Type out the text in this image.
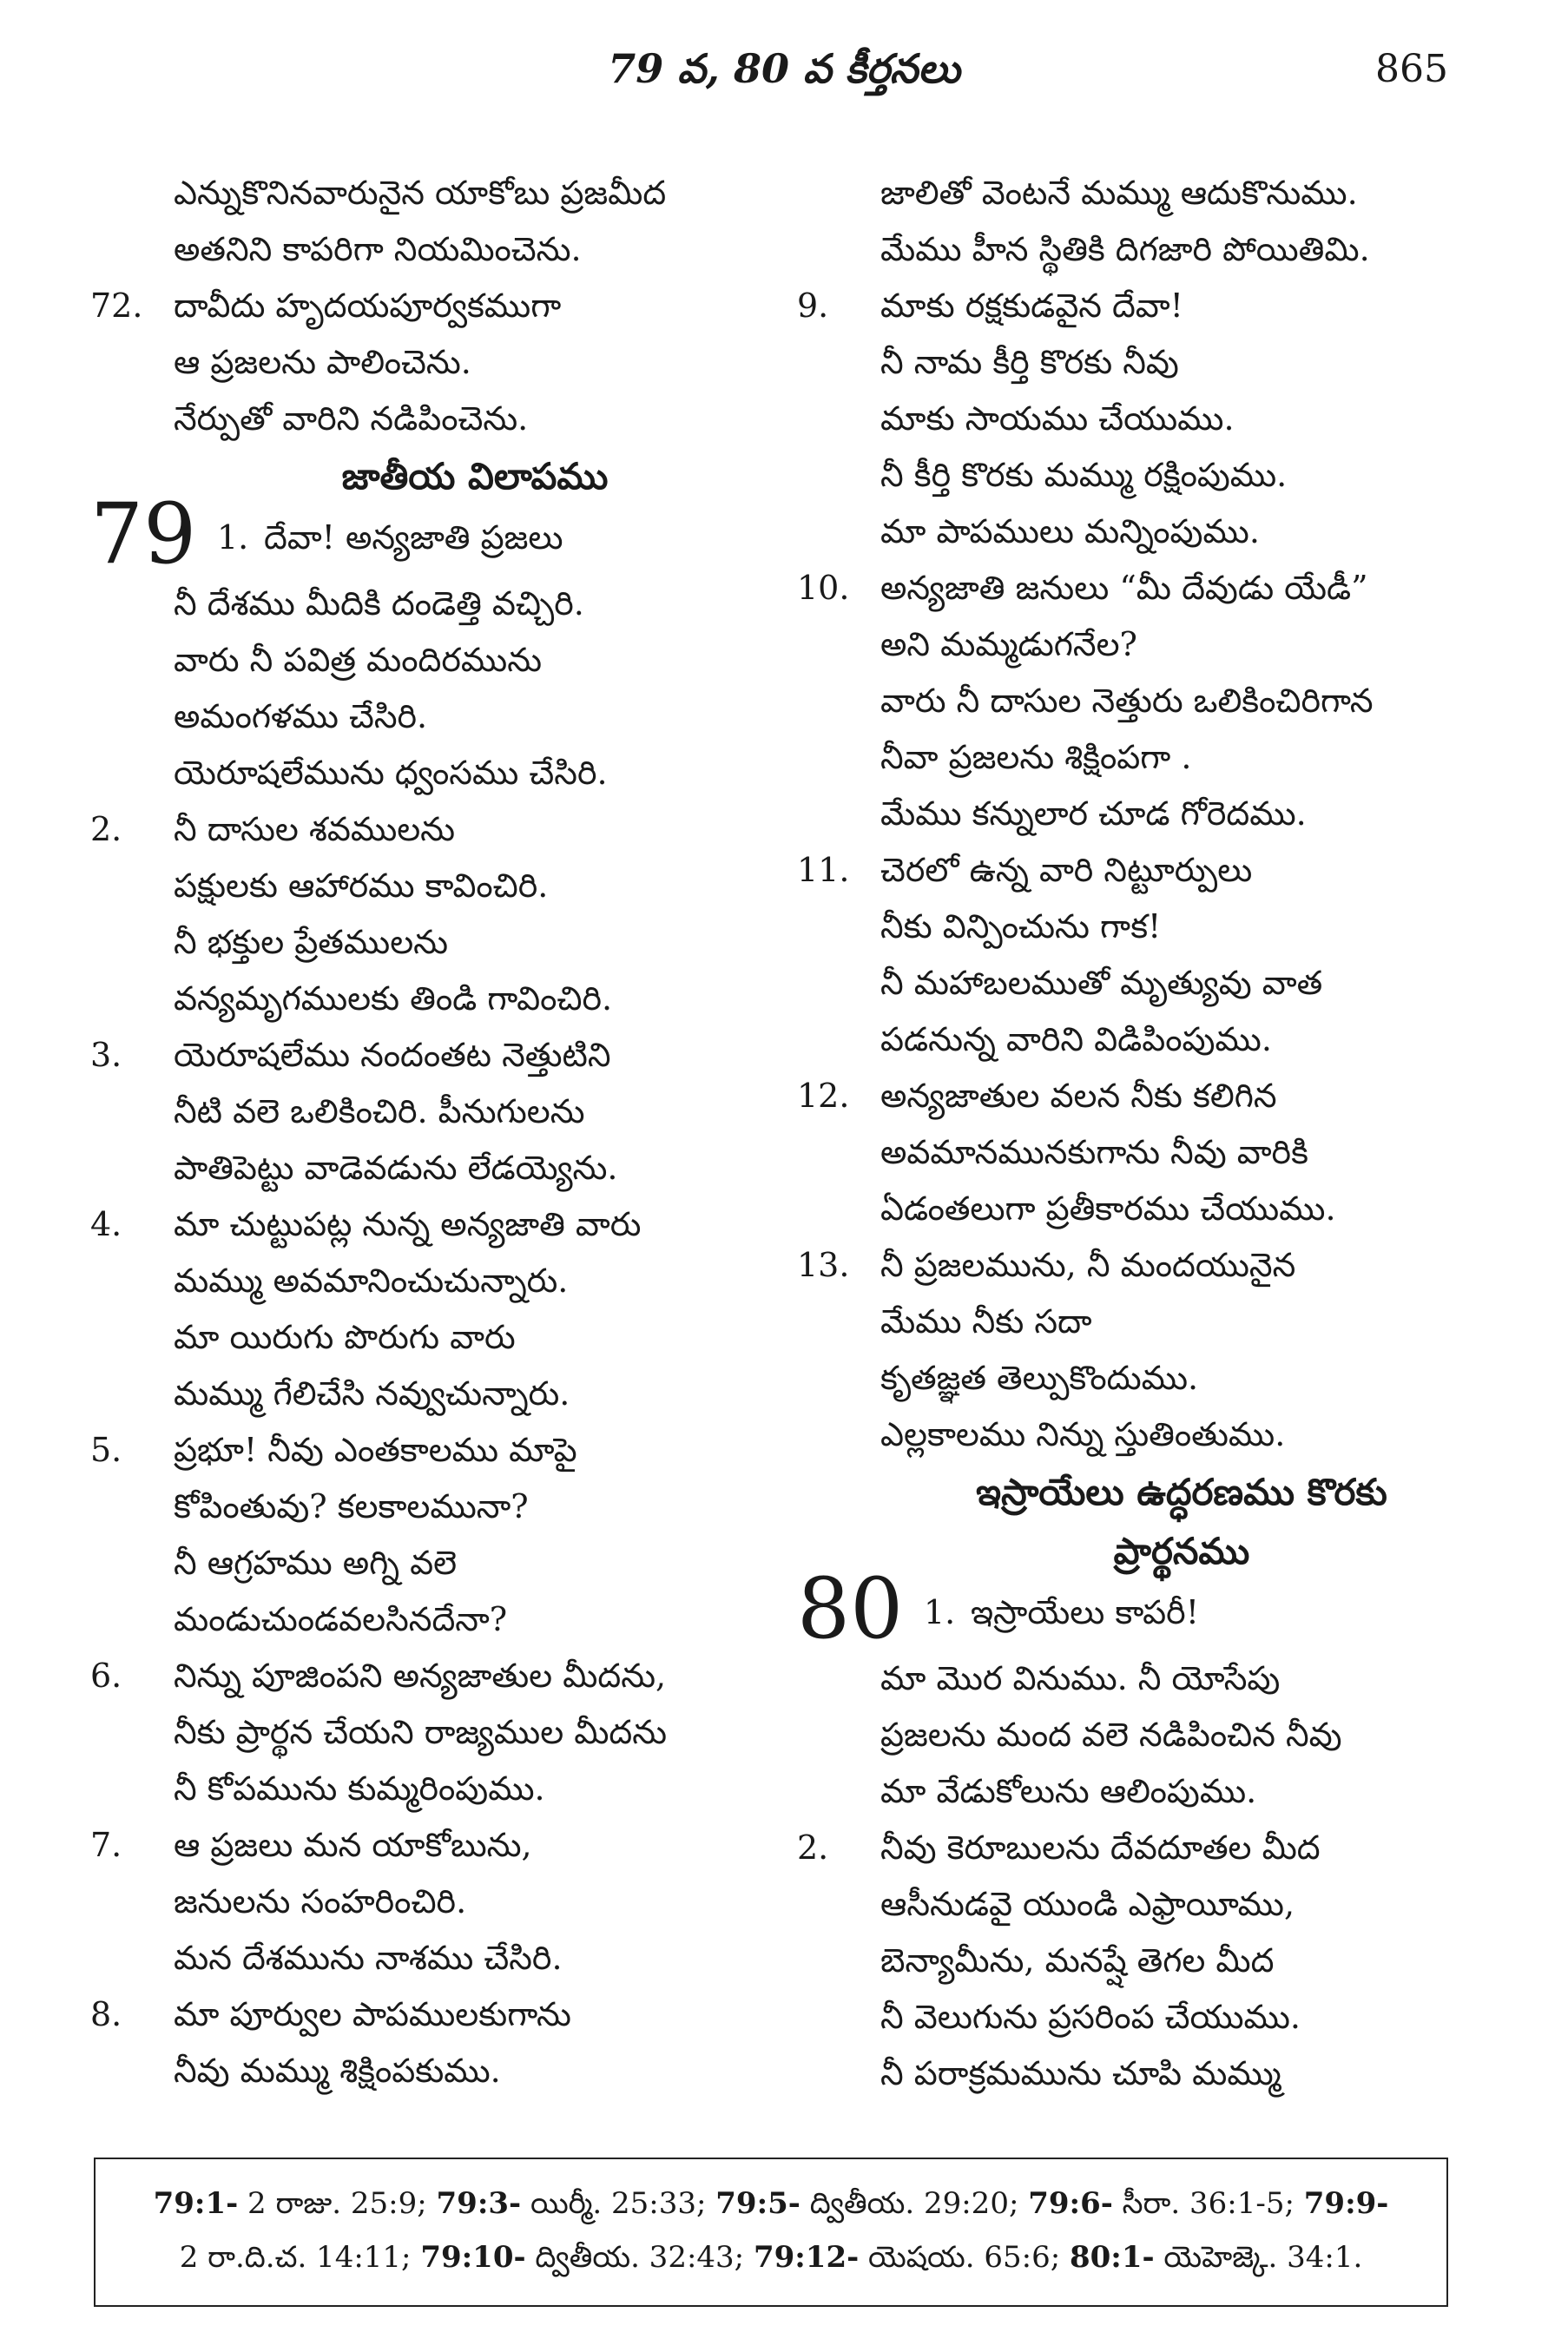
79 వ, 80 వ కీర్తనలు	865
ఎన్నుకొనినవారునైన యాకోబు ప్రజమీద
అతనిని కాపరిగా నియమించెను.
72. దావీదు హృదయపూర్వకముగా
ఆ ప్రజలను పాలించెను.
నేర్పుతో వారిని నడిపించెను.
జాతీయ విలాపము
79 1. దేవా! అన్యజాతి ప్రజలు
నీ దేశము మీదికి దండెత్తి వచ్చిరి.
వారు నీ పవిత్ర మందిరమును
అమంగళము చేసిరి.
యెరూషలేమును ధ్వంసము చేసిరి.
2.	నీ దాసుల శవములను
పక్షులకు ఆహారము కావించిరి.
నీ భక్తుల ప్రేతములను
వన్యమృగములకు తిండి గావించిరి.
3.	యెరూషలేము నందంతట నెత్తుటిని
నీటి వలె ఒలికించిరి. పీనుగులను
పాతిపెట్టు వాడెవడును లేడయ్యెను.
4.	మా చుట్టుపట్ల నున్న అన్యజాతి వారు
మమ్ము అవమానించుచున్నారు.
మా యిరుగు పొరుగు వారు
మమ్ము గేలిచేసి నవ్వుచున్నారు.
5.	ప్రభూ! నీవు ఎంతకాలము మాపై
కోపింతువు? కలకాలమునా?
నీ ఆగ్రహము అగ్ని వలె
మండుచుండవలసినదేనా?
6.	నిన్ను పూజింపని అన్యజాతుల మీదను,
నీకు ప్రార్థన చేయని రాజ్యముల మీదను
నీ కోపమును కుమ్మరింపుము.
7.	ఆ ప్రజలు మన యాకోబును,
జనులను సంహరించిరి.
మన దేశమును నాశము చేసిరి.
8.	మా పూర్వుల పాపములకుగాను
నీవు మమ్ము శిక్షింపకుము.
జాలితో వెంటనే మమ్ము ఆదుకొనుము.
మేము హీన స్థితికి దిగజారి పోయితిమి.
9.	మాకు రక్షకుడవైన దేవా!
నీ నామ కీర్తి కొరకు నీవు
మాకు సాయము చేయుము.
నీ కీర్తి కొరకు మమ్ము రక్షింపుము.
మా పాపములు మన్నింపుము.
10. అన్యజాతి జనులు “మీ దేవుడు యేడీ”
అని మమ్మడుగనేల?
వారు నీ దాసుల నెత్తురు ఒలికించిరిగాన
నీవా ప్రజలను శిక్షింపగా .
మేము కన్నులార చూడ గోరెదము.
11. చెరలో ఉన్న వారి నిట్టూర్పులు
నీకు విన్పించును గాక!
నీ మహాబలముతో మృత్యువు వాత
పడనున్న వారిని విడిపింపుము.
12. అన్యజాతుల వలన నీకు కలిగిన
అవమానమునకుగాను నీవు వారికి
ఏడంతలుగా ప్రతీకారము చేయుము.
13. నీ ప్రజలమును, నీ మందయునైన
మేము నీకు సదా
కృతజ్ఞత తెల్పుకొందుము.
ఎల్లకాలము నిన్ను స్తుతింతుము.
ఇస్రాయేలు ఉద్ధరణము కొరకు
ప్రార్థనము
80 1. ఇస్రాయేలు కాపరీ!
మా మొర వినుము. నీ యోసేపు
ప్రజలను మంద వలె నడిపించిన నీవు
మా వేడుకోలును ఆలింపుము.
2.	నీవు కెరూబులను దేవదూతల మీద
ఆసీనుడవై యుండి ఎఫ్రాయీము,
బెన్యామీను, మనష్షే తెగల మీద
నీ వెలుగును ప్రసరింప చేయుము.
నీ పరాక్రమమును చూపి మమ్ము
79:1- 2 రాజు. 25:9; 79:3- యిర్మీ. 25:33; 79:5- ద్వితీయ. 29:20; 79:6- సీరా. 36:1-5; 79:9-
2 రా.ది.చ. 14:11; 79:10- ద్వితీయ. 32:43; 79:12- యెషయ. 65:6; 80:1- యెహెజ్కె. 34:1.
